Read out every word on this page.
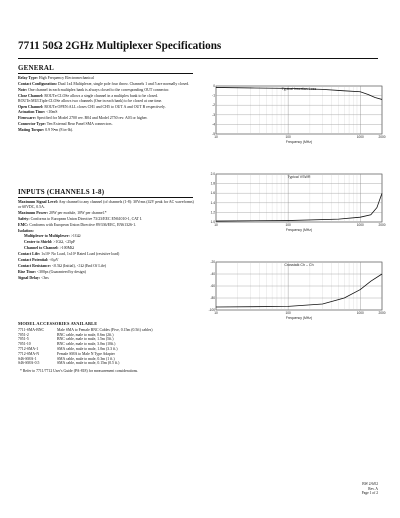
7711 50Ω 2GHz Multiplexer Specifications
GENERAL
Relay Type: High Frequency Electromechanical
Contact Configuration: Dual 1x4 Multiplexer, single pole four throw. Channels 1 and 5 are normally closed.
Note: One channel in each multiplex bank is always closed to the corresponding OUT connector.
Close Channel: ROUTe:CLOSe allows a single channel in a multiplex bank to be closed. ROUTe:MULTiple:CLOSe allows two channels (One in each bank) to be closed at one time.
Open Channel: ROUTe:OPEN:ALL closes CH1 and CH5 to OUT A and OUT B respectively.
Actuation Time: <10mS
Firmware: Specified for Model 2700 rev. B04 and Model 2750 rev. A03 or higher.
Connector Type: Ten External Rear Panel SMA connectors.
Mating Torque: 0.9 N•m (8 in-lb).
INPUTS (CHANNELS 1-8)
Maximum Signal Level: Any channel to any channel (of channels (1-8): 30Vrms (42V peak for AC waveforms) or 60VDC, 0.5A.
Maximum Power: 20W per module, 10W per channel.*
Safety: Conforms to European Union Directive 73/23/EEC EN61010-1, CAT I.
EMC: Conforms with European Union Directive 89/336/EEC, EN61326-1.
Isolation:
Multiplexer to Multiplexer: >1GΩ
Center to Shield: >1GΩ, <25pF
Channel to Channel: >100MΩ
Contact Life: 1x10⁶ No Load, 1x10⁵ Rated Load (resistive load)
Contact Potential: <6µV
Contact Resistance: <0.5Ω (Initial), <1Ω (End Of Life)
Rise Time: <300ps (Guaranteed by design)
Signal Delay: <3ns
MODEL ACCESSORIES AVAILABLE
7711-SMA-BNC	Male SMA to Female BNC Cables (Five, 0.15m (0.5ft) cables)
7051-2	BNC cable, male to male, 0.6m (2ft.)
7051-5	BNC cable, male to male, 1.5m (5ft.)
7051-10	BNC cable, male to male, 3.0m (10ft.)
7712-SMA-1	SMA cable, male to male, 1.0m (3.3 ft.)
7712-SMA-N	Female SMA to Male N Type Adapter
S46-SMA-1	SMA cable, male to male, 0.3m (1 ft.)
S46-SMA-0.5	SMA cable, male to male, 0.15m (0.5 ft.)
* Refer to 7711/7712 User's Guide (PA-818) for measurement considerations.
0
-1
-2
-3
-4
-5
10	100	1000	2000
Typical Insertion Loss
Frequency (MHz)
2.0
1.8
1.6
1.4
1.2
1.0
10	100	1000	2000
Typical VSWR
Frequency (MHz)
-20
-40
-60
-80
-100
10	100	1000	2000
Crosstalk Ch – Ch
Frequency (MHz)
BW 2/6/02
Rev. A
Page 1 of 2
